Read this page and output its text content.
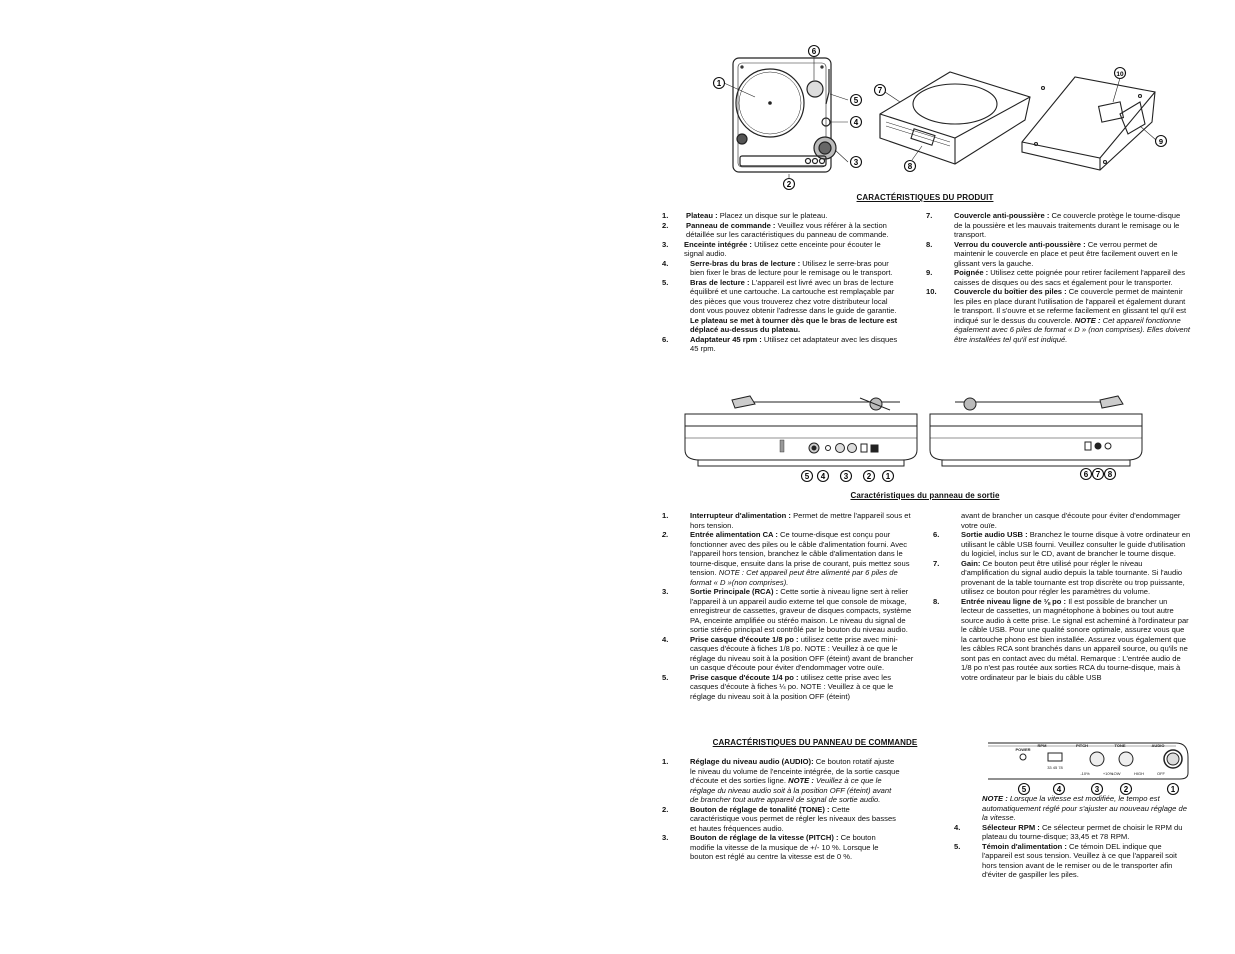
1
2
3
4
5
6
7
8
10
9
CARACTÉRISTIQUES DU PRODUIT
1.	Plateau : Placez un disque sur le plateau.
2.	Panneau de commande : Veuillez vous référer à la section détaillée sur les caractéristiques du panneau de commande.
3.	Enceinte intégrée : Utilisez cette enceinte pour écouter le signal audio.
4.	Serre-bras du bras de lecture : Utilisez le serre-bras pour bien fixer le bras de lecture pour le remisage ou le transport.
5.	Bras de lecture : L'appareil est livré avec un bras de lecture équilibré et une cartouche. La cartouche est remplaçable par des pièces que vous trouverez chez votre distributeur local dont vous pouvez obtenir l'adresse dans le guide de garantie. Le plateau se met à tourner dès que le bras de lecture est déplacé au-dessus du plateau.
6.	Adaptateur 45 rpm : Utilisez cet adaptateur avec les disques 45 rpm.
7.	Couvercle anti-poussière : Ce couvercle protège le tourne-disque de la poussière et les mauvais traitements durant le remisage ou le transport.
8.	Verrou du couvercle anti-poussière : Ce verrou permet de maintenir le couvercle en place et peut être facilement ouvert en le glissant vers la gauche.
9.	Poignée : Utilisez cette poignée pour retirer facilement l'appareil des caisses de disques ou des sacs et également pour le transporter.
10.	Couvercle du boîtier des piles : Ce couvercle permet de maintenir les piles en place durant l'utilisation de l'appareil et également durant le transport. Il s'ouvre et se referme facilement en glissant tel qu'il est indiqué sur le dessus du couvercle. NOTE : Cet appareil fonctionne également avec 6 piles de format « D » (non comprises). Elles doivent être installées tel qu'il est indiqué.
5 4 3 2 1	6 7 8
Caractéristiques du panneau de sortie
1.	Interrupteur d'alimentation : Permet de mettre l'appareil sous et hors tension.
2.	Entrée alimentation CA : Ce tourne-disque est conçu pour fonctionner avec des piles ou le câble d'alimentation fourni. Avec l'appareil hors tension, branchez le câble d'alimentation dans le tourne-disque, ensuite dans la prise de courant, puis mettez sous tension. NOTE : Cet appareil peut être alimenté par 6 piles de format « D »(non comprises).
3.	Sortie Principale (RCA) : Cette sortie à niveau ligne sert à relier l'appareil à un appareil audio externe tel que console de mixage, enregistreur de cassettes, graveur de disques compacts, système PA, enceinte amplifiée ou stéréo maison. Le niveau du signal de sortie stéréo principal est contrôlé par le bouton du niveau audio.
4.	Prise casque d'écoute 1/8 po : utilisez cette prise avec mini-casques d'écoute à fiches 1/8 po. NOTE : Veuillez à ce que le réglage du niveau soit à la position OFF (éteint) avant de brancher un casque d'écoute pour éviter d'endommager votre ouïe.
5.	Prise casque d'écoute 1/4 po : utilisez cette prise avec les casques d'écoute à fiches ¼ po. NOTE : Veuillez à ce que le réglage du niveau soit à la position OFF (éteint)
avant de brancher un casque d'écoute pour éviter d'endommager votre ouïe.
6.	Sortie audio USB : Branchez le tourne disque à votre ordinateur en utilisant le câble USB fourni. Veuillez consulter le guide d'utilisation du logiciel, inclus sur le CD, avant de brancher le tourne disque.
7.	Gain: Ce bouton peut être utilisé pour régler le niveau d'amplification du signal audio depuis la table tournante. Si l'audio provenant de la table tournante est trop discrète ou trop puissante, utilisez ce bouton pour régler les paramètres du volume.
8.	Entrée niveau ligne de ⅛ po : Il est possible de brancher un lecteur de cassettes, un magnétophone à bobines ou tout autre source audio à cette prise. Le signal est acheminé à l'ordinateur par le câble USB. Pour une qualité sonore optimale, assurez vous que la cartouche phono est bien installée. Assurez vous également que les câbles RCA sont branchés dans un appareil source, ou qu'ils ne sont pas en contact avec du métal. Remarque : L'entrée audio de 1/8 po n'est pas routée aux sorties RCA du tourne-disque, mais à votre ordinateur par le biais du câble USB
CARACTÉRISTIQUES DU PANNEAU DE COMMANDE
1.	Réglage du niveau audio (AUDIO): Ce bouton rotatif ajuste le niveau du volume de l'enceinte intégrée, de la sortie casque d'écoute et des sorties ligne. NOTE : Veuillez à ce que le réglage du niveau audio soit à la position OFF (éteint) avant de brancher tout autre appareil de signal de sortie audio.
2.	Bouton de réglage de tonalité (TONE) : Cette caractéristique vous permet de régler les niveaux des basses et hautes fréquences audio.
3.	Bouton de réglage de la vitesse (PITCH) : Ce bouton modifie la vitesse de la musique de +/- 10 %. Lorsque le bouton est réglé au centre la vitesse est de 0 %.
POWER
RPM	PITCH	TONE	AUDIO
33 45 78
-10%	+10%
LOW	HIGH	OFF
5	4	3	2	1
NOTE : Lorsque la vitesse est modifiée, le tempo est automatiquement réglé pour s'ajuster au nouveau réglage de la vitesse.
4.	Sélecteur RPM : Ce sélecteur permet de choisir le RPM du plateau du tourne-disque; 33,45 et 78 RPM.
5.	Témoin d'alimentation : Ce témoin DEL indique que l'appareil est sous tension. Veuillez à ce que l'appareil soit hors tension avant de le remiser ou de le transporter afin d'éviter de gaspiller les piles.
